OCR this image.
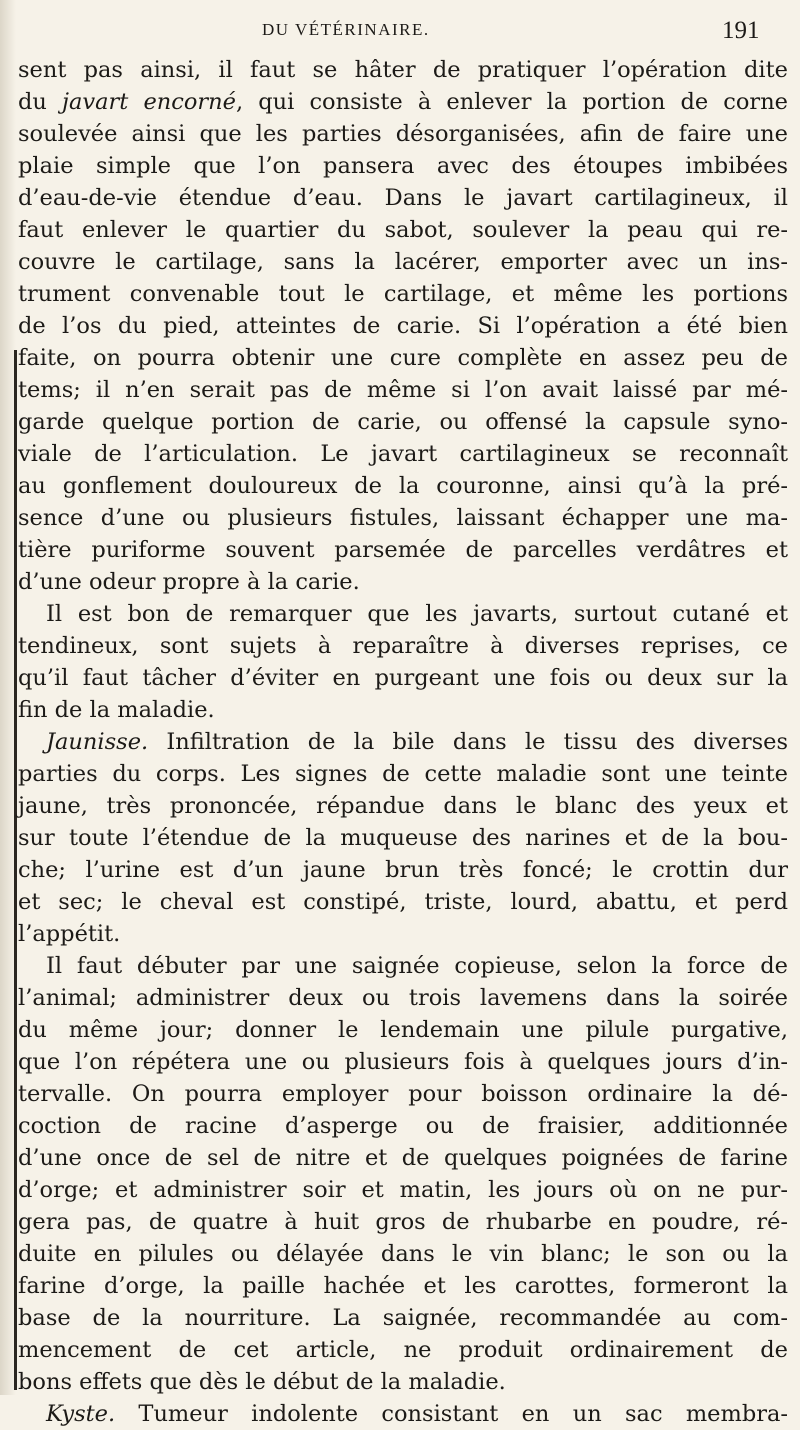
DU VÉTÉRINAIRE.	191
sent pas ainsi, il faut se hâter de pratiquer l’opération dite
du javart encorné, qui consiste à enlever la portion de corne
soulevée ainsi que les parties désorganisées, afin de faire une
plaie simple que l’on pansera avec des étoupes imbibées
d’eau-de-vie étendue d’eau. Dans le javart cartilagineux, il
faut enlever le quartier du sabot, soulever la peau qui re-
couvre le cartilage, sans la lacérer, emporter avec un ins-
trument convenable tout le cartilage, et même les portions
de l’os du pied, atteintes de carie. Si l’opération a été bien
faite, on pourra obtenir une cure complète en assez peu de
tems; il n’en serait pas de même si l’on avait laissé par mé-
garde quelque portion de carie, ou offensé la capsule syno-
viale de l’articulation. Le javart cartilagineux se reconnaît
au gonflement douloureux de la couronne, ainsi qu’à la pré-
sence d’une ou plusieurs fistules, laissant échapper une ma-
tière puriforme souvent parsemée de parcelles verdâtres et
d’une odeur propre à la carie.
Il est bon de remarquer que les javarts, surtout cutané et
tendineux, sont sujets à reparaître à diverses reprises, ce
qu’il faut tâcher d’éviter en purgeant une fois ou deux sur la
fin de la maladie.
Jaunisse. Infiltration de la bile dans le tissu des diverses
parties du corps. Les signes de cette maladie sont une teinte
jaune, très prononcée, répandue dans le blanc des yeux et
sur toute l’étendue de la muqueuse des narines et de la bou-
che; l’urine est d’un jaune brun très foncé; le crottin dur
et sec; le cheval est constipé, triste, lourd, abattu, et perd
l’appétit.
Il faut débuter par une saignée copieuse, selon la force de
l’animal; administrer deux ou trois lavemens dans la soirée
du même jour; donner le lendemain une pilule purgative,
que l’on répétera une ou plusieurs fois à quelques jours d’in-
tervalle. On pourra employer pour boisson ordinaire la dé-
coction de racine d’asperge ou de fraisier, additionnée
d’une once de sel de nitre et de quelques poignées de farine
d’orge; et administrer soir et matin, les jours où on ne pur-
gera pas, de quatre à huit gros de rhubarbe en poudre, ré-
duite en pilules ou délayée dans le vin blanc; le son ou la
farine d’orge, la paille hachée et les carottes, formeront la
base de la nourriture. La saignée, recommandée au com-
mencement de cet article, ne produit ordinairement de
bons effets que dès le début de la maladie.
Kyste. Tumeur indolente consistant en un sac membra-
